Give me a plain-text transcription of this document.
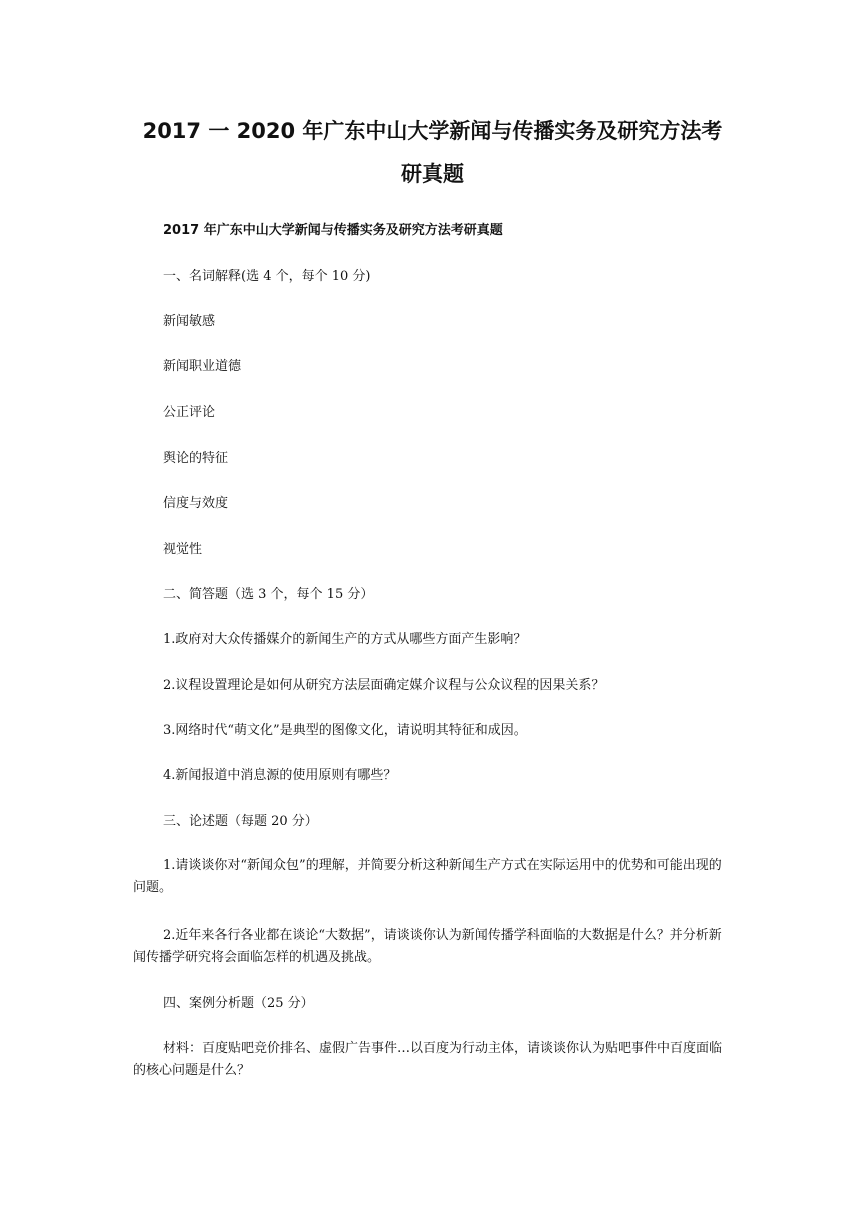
2017 一 2020 年广东中山大学新闻与传播实务及研究方法考
研真题

2017 年广东中山大学新闻与传播实务及研究方法考研真题

一、名词解释(选 4 个，每个 10 分)

新闻敏感

新闻职业道德

公正评论

舆论的特征

信度与效度

视觉性

二、简答题（选 3 个，每个 15 分）

1.政府对大众传播媒介的新闻生产的方式从哪些方面产生影响？

2.议程设置理论是如何从研究方法层面确定媒介议程与公众议程的因果关系？

3.网络时代“萌文化”是典型的图像文化，请说明其特征和成因。

4.新闻报道中消息源的使用原则有哪些？

三、论述题（每题 20 分）

1.请谈谈你对“新闻众包”的理解，并简要分析这种新闻生产方式在实际运用中的优势和可能出现的问题。

2.近年来各行各业都在谈论“大数据”，请谈谈你认为新闻传播学科面临的大数据是什么？并分析新闻传播学研究将会面临怎样的机遇及挑战。

四、案例分析题（25 分）

材料：百度贴吧竞价排名、虚假广告事件…以百度为行动主体，请谈谈你认为贴吧事件中百度面临的核心问题是什么？
